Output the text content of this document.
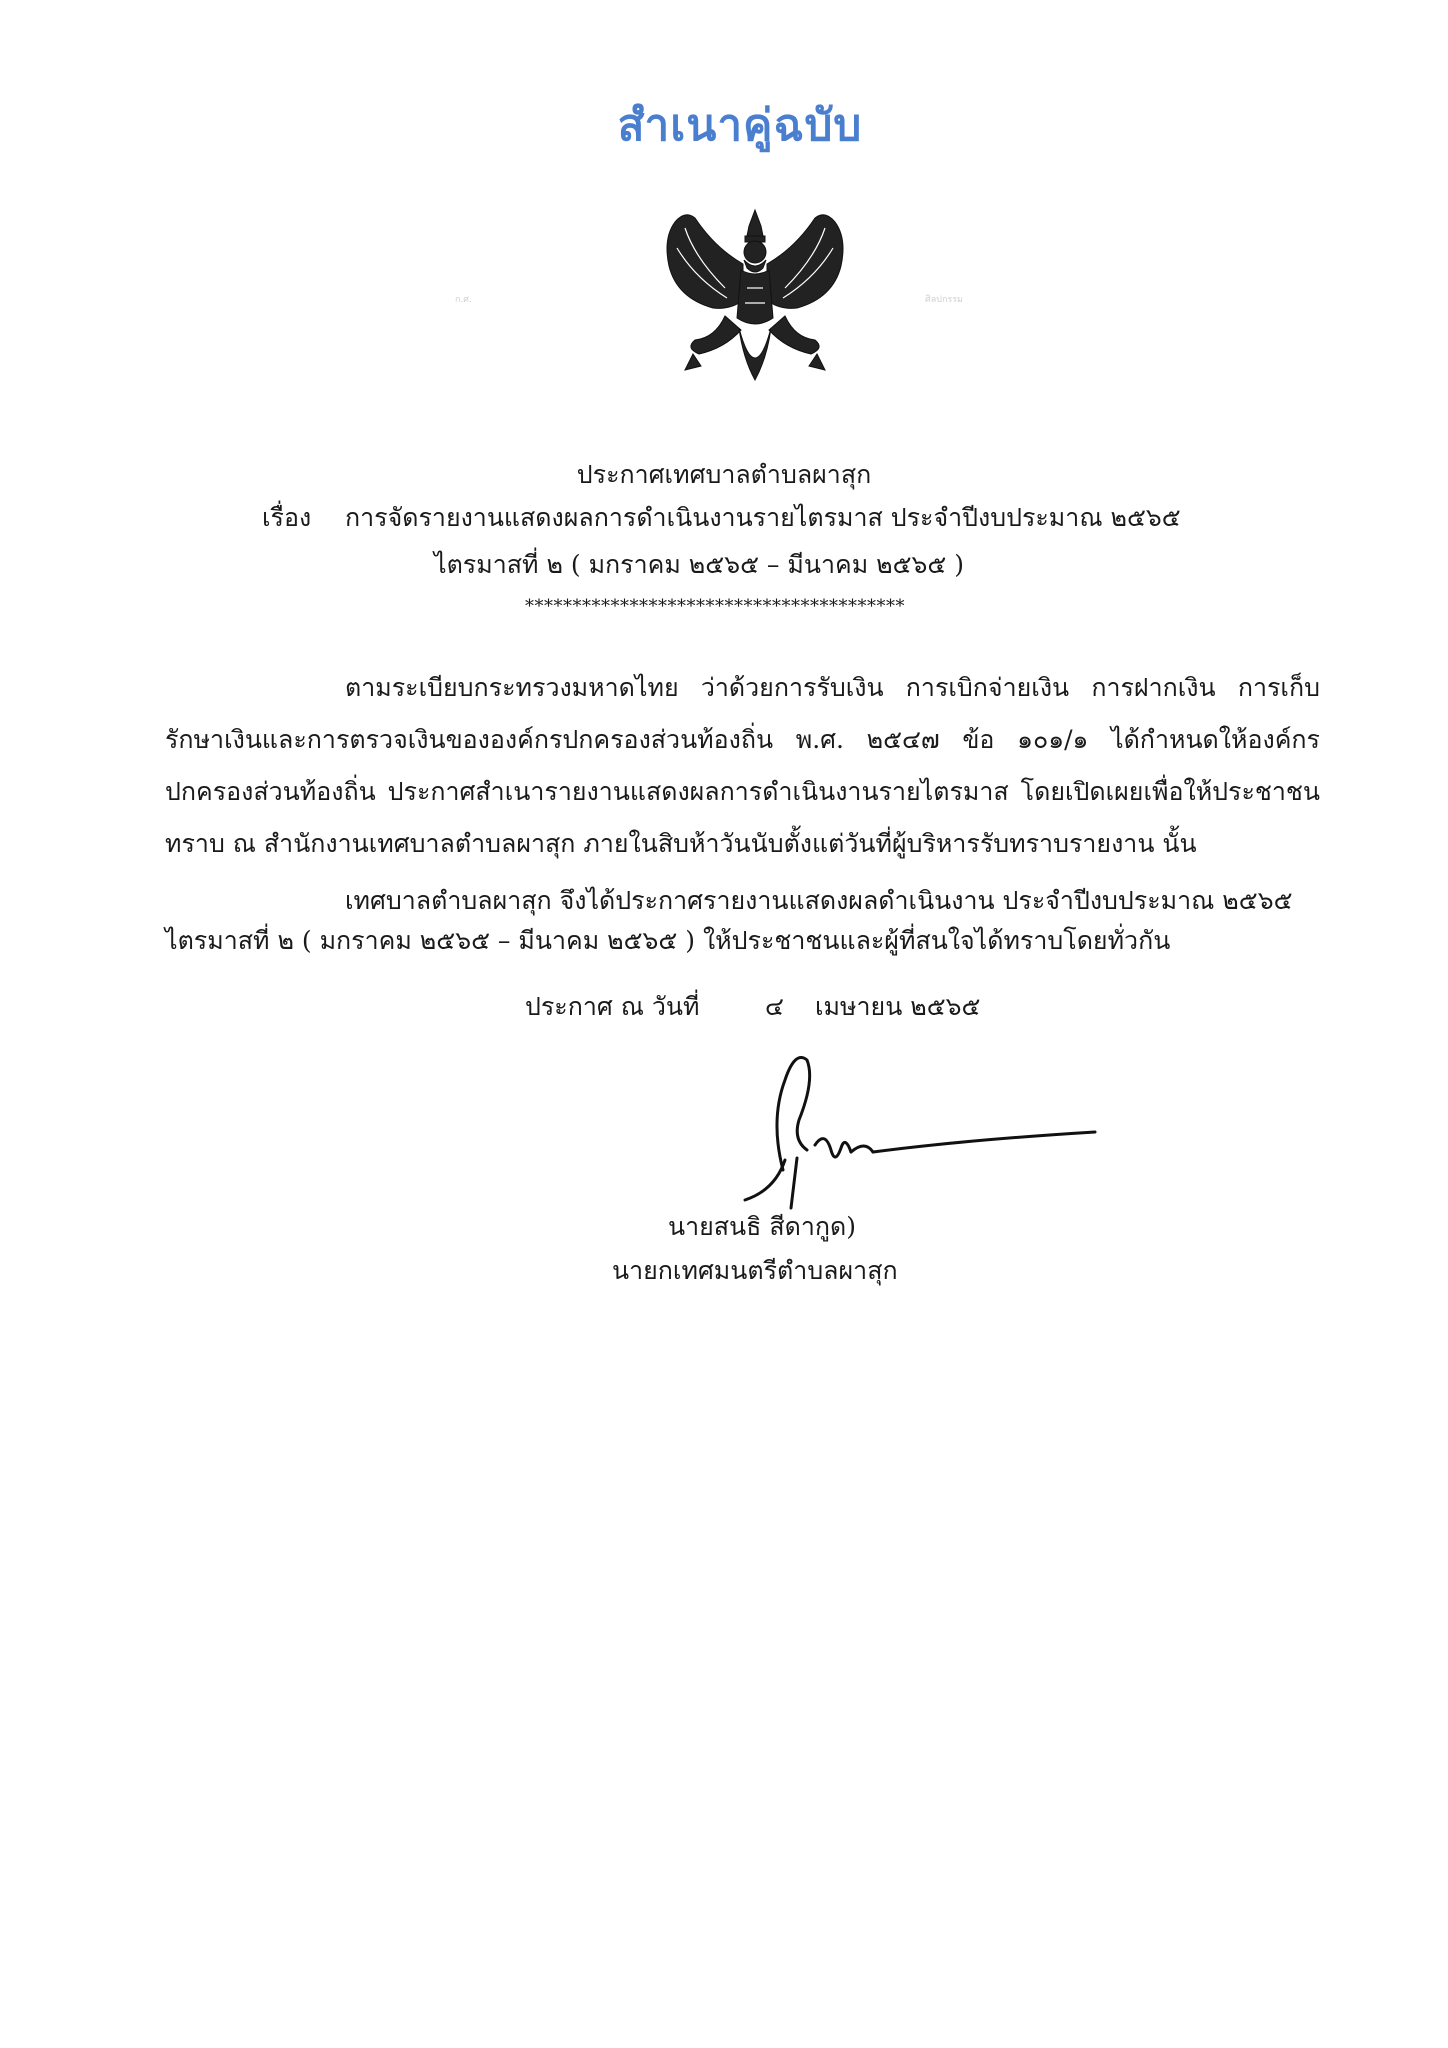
สำเนาคู่ฉบับ
ก.ศ.	ศิลปกรรม
ประกาศเทศบาลตำบลผาสุก
เรื่อง การจัดรายงานแสดงผลการดำเนินงานรายไตรมาส ประจำปีงบประมาณ ๒๕๖๕
ไตรมาสที่ ๒ ( มกราคม ๒๕๖๕ – มีนาคม ๒๕๖๕ )
****************************************
ตามระเบียบกระทรวงมหาดไทย ว่าด้วยการรับเงิน การเบิกจ่ายเงิน การฝากเงิน การเก็บ
รักษาเงินและการตรวจเงินขององค์กรปกครองส่วนท้องถิ่น พ.ศ. ๒๕๔๗ ข้อ ๑๐๑/๑ ได้กำหนดให้องค์กร
ปกครองส่วนท้องถิ่น ประกาศสำเนารายงานแสดงผลการดำเนินงานรายไตรมาส โดยเปิดเผยเพื่อให้ประชาชน
ทราบ ณ สำนักงานเทศบาลตำบลผาสุก ภายในสิบห้าวันนับตั้งแต่วันที่ผู้บริหารรับทราบรายงาน นั้น
เทศบาลตำบลผาสุก จึงได้ประกาศรายงานแสดงผลดำเนินงาน ประจำปีงบประมาณ ๒๕๖๕
ไตรมาสที่ ๒ ( มกราคม ๒๕๖๕ – มีนาคม ๒๕๖๕ ) ให้ประชาชนและผู้ที่สนใจได้ทราบโดยทั่วกัน
ประกาศ ณ วันที่	๔ เมษายน ๒๕๖๕
นายสนธิ สีดากูด)
นายกเทศมนตรีตำบลผาสุก
